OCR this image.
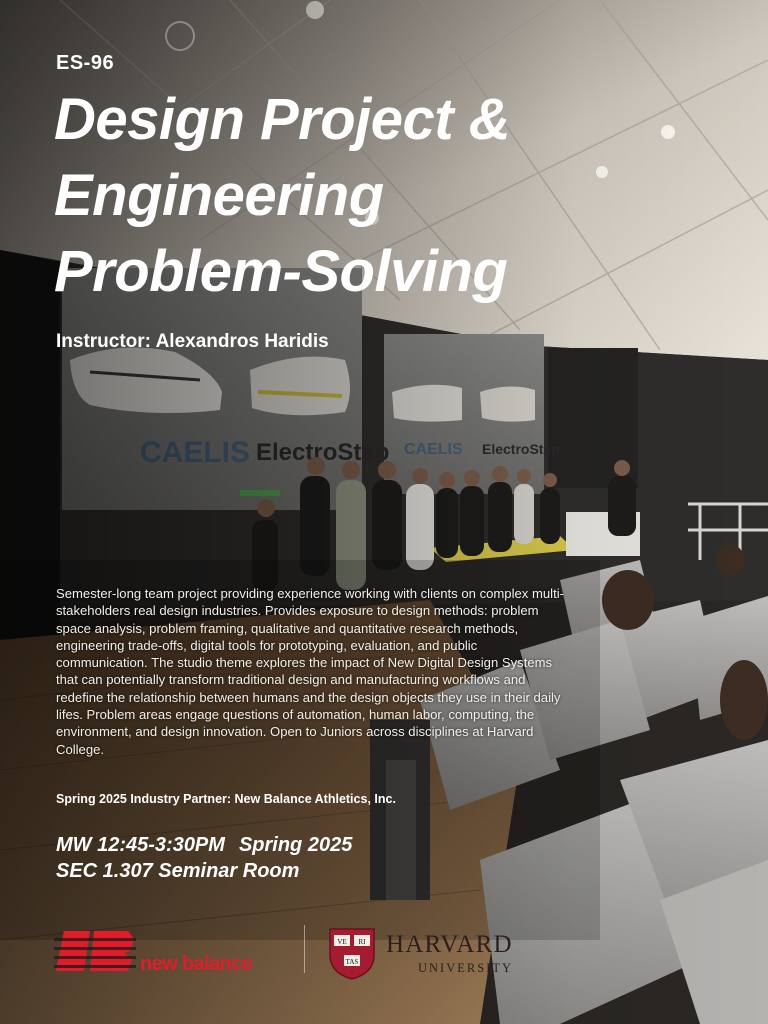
ES-96
Design Project &
Engineering
Problem-Solving
Instructor: Alexandros Haridis
Semester-long team project providing experience working with clients on complex multi-stakeholders real design industries. Provides exposure to design methods: problem space analysis, problem framing, qualitative and quantitative research methods, engineering trade-offs, digital tools for prototyping, evaluation, and public communication. The studio theme explores the impact of New Digital Design Systems that can potentially transform traditional design and manufacturing workflows and redefine the relationship between humans and the design objects they use in their daily lifes. Problem areas engage questions of automation, human labor, computing, the environment, and design innovation. Open to Juniors across disciplines at Harvard College.
Spring 2025 Industry Partner: New Balance Athletics, Inc.
MW 12:45-3:30PM Spring 2025
SEC 1.307 Seminar Room
new balance
VE RI
TAS
HARVARD
UNIVERSITY
